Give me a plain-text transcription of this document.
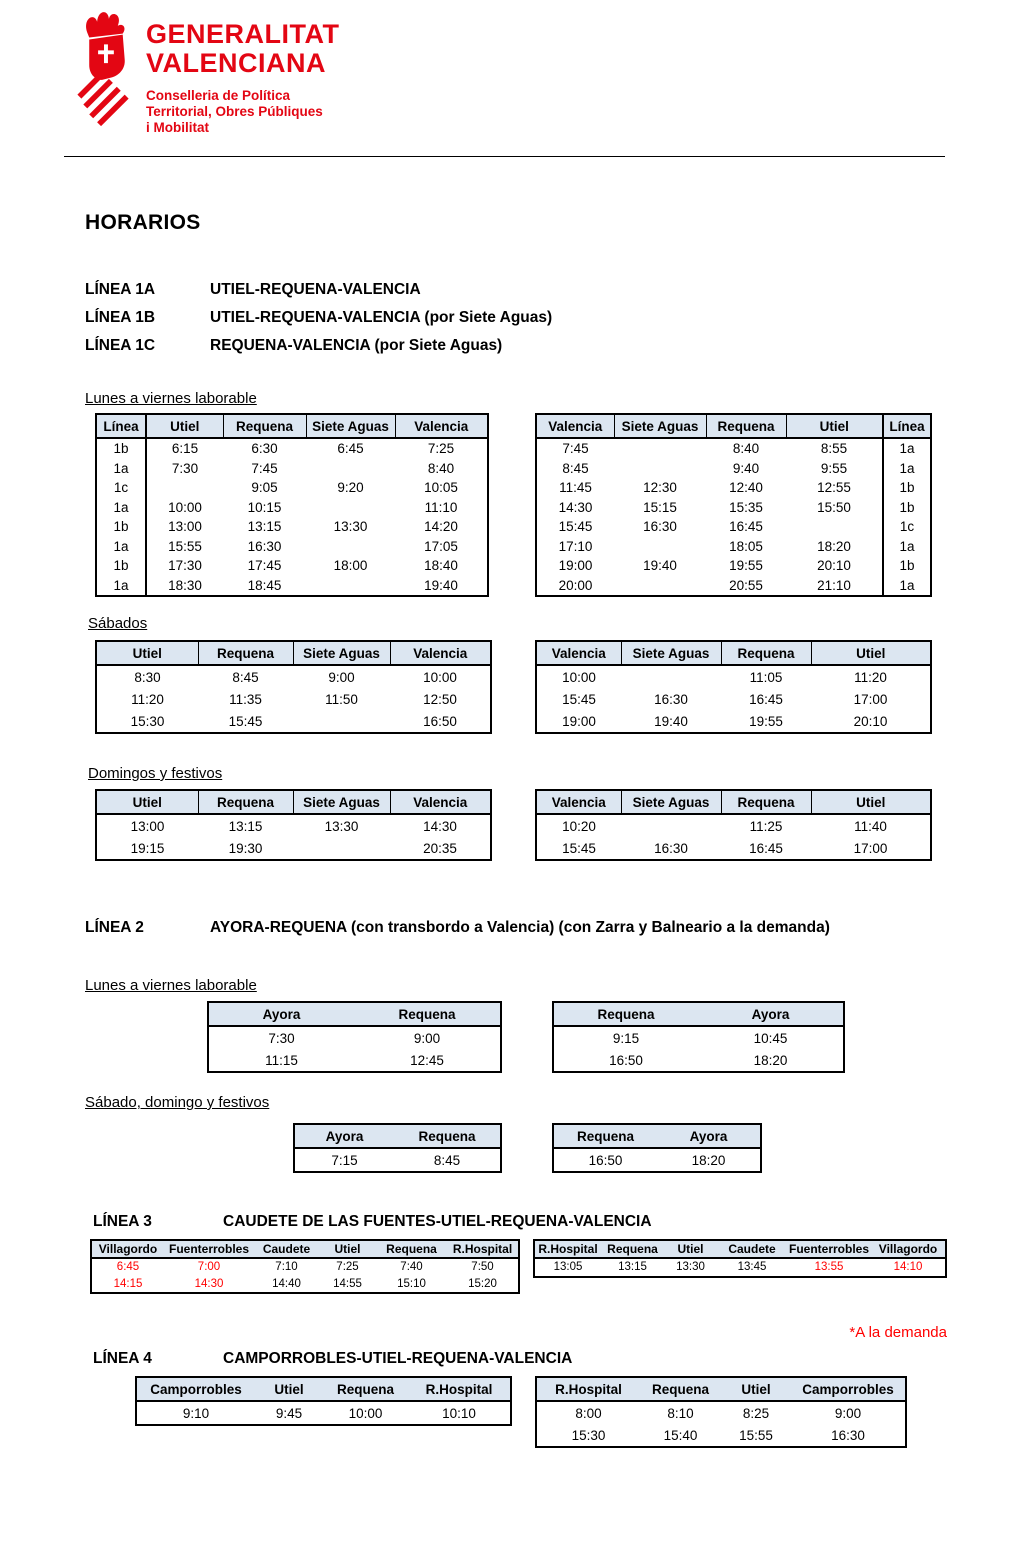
GENERALITAT
VALENCIANA
Conselleria de Política
Territorial, Obres Públiques
i Mobilitat
HORARIOS
LÍNEA 1A	UTIEL-REQUENA-VALENCIA
LÍNEA 1B	UTIEL-REQUENA-VALENCIA (por Siete Aguas)
LÍNEA 1C	REQUENA-VALENCIA (por Siete Aguas)
Lunes a viernes laborable
Línea	Utiel	Requena	Siete Aguas	Valencia
1b	6:15	6:30	6:45	7:25
1a	7:30	7:45		8:40
1c		9:05	9:20	10:05
1a	10:00	10:15		11:10
1b	13:00	13:15	13:30	14:20
1a	15:55	16:30		17:05
1b	17:30	17:45	18:00	18:40
1a	18:30	18:45		19:40
Valencia	Siete Aguas	Requena	Utiel	Línea
7:45		8:40	8:55	1a
8:45		9:40	9:55	1a
11:45	12:30	12:40	12:55	1b
14:30	15:15	15:35	15:50	1b
15:45	16:30	16:45		1c
17:10		18:05	18:20	1a
19:00	19:40	19:55	20:10	1b
20:00		20:55	21:10	1a
Sábados
Utiel	Requena	Siete Aguas	Valencia
8:30	8:45	9:00	10:00
11:20	11:35	11:50	12:50
15:30	15:45		16:50
Valencia	Siete Aguas	Requena	Utiel
10:00		11:05	11:20
15:45	16:30	16:45	17:00
19:00	19:40	19:55	20:10
Domingos y festivos
Utiel	Requena	Siete Aguas	Valencia
13:00	13:15	13:30	14:30
19:15	19:30		20:35
Valencia	Siete Aguas	Requena	Utiel
10:20		11:25	11:40
15:45	16:30	16:45	17:00
LÍNEA 2	AYORA-REQUENA (con transbordo a Valencia) (con Zarra y Balneario a la demanda)
Lunes a viernes laborable
Ayora	Requena
7:30	9:00
11:15	12:45
Requena	Ayora
9:15	10:45
16:50	18:20
Sábado, domingo y festivos
Ayora	Requena
7:15	8:45
Requena	Ayora
16:50	18:20
LÍNEA 3	CAUDETE DE LAS FUENTES-UTIEL-REQUENA-VALENCIA
Villagordo	Fuenterrobles	Caudete	Utiel	Requena	R.Hospital
6:45	7:00	7:10	7:25	7:40	7:50
14:15	14:30	14:40	14:55	15:10	15:20
R.Hospital	Requena	Utiel	Caudete	Fuenterrobles	Villagordo
13:05	13:15	13:30	13:45	13:55	14:10
*A la demanda
LÍNEA 4	CAMPORROBLES-UTIEL-REQUENA-VALENCIA
Camporrobles	Utiel	Requena	R.Hospital
9:10	9:45	10:00	10:10
R.Hospital	Requena	Utiel	Camporrobles
8:00	8:10	8:25	9:00
15:30	15:40	15:55	16:30
